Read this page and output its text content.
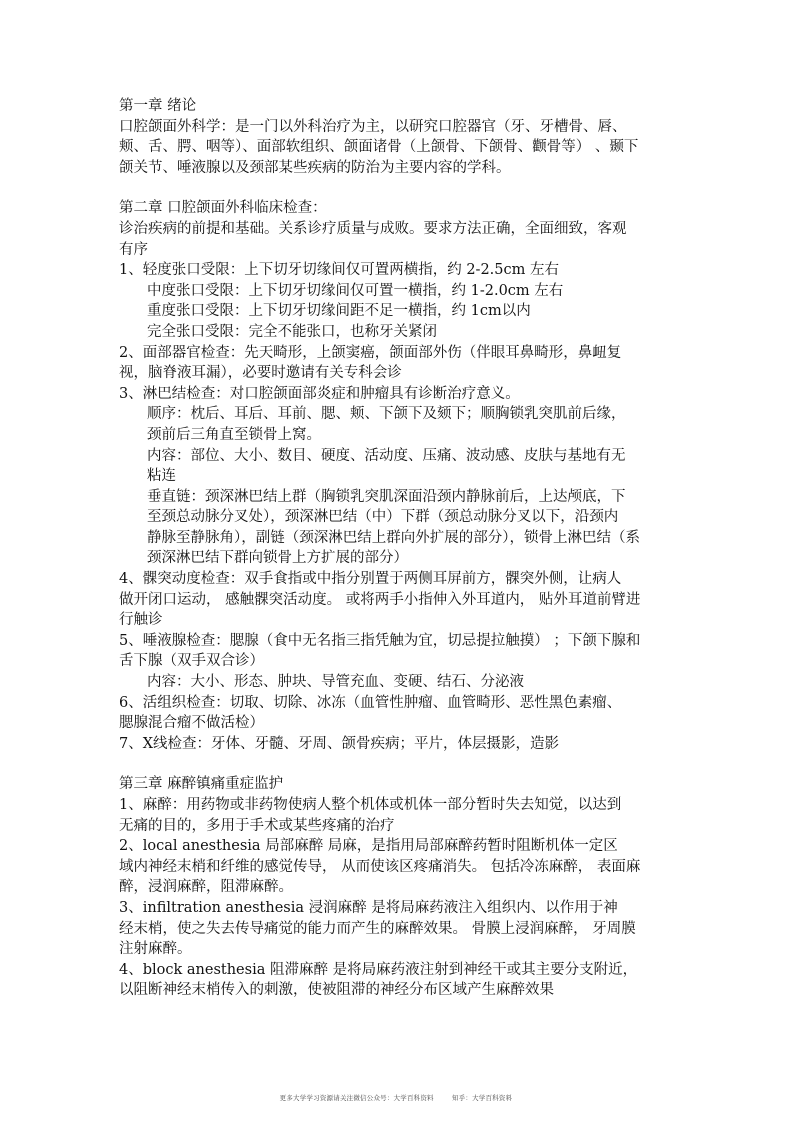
第一章 绪论
口腔颌面外科学：是一门以外科治疗为主，以研究口腔器官（牙、牙槽骨、唇、
颊、舌、腭、咽等）、面部软组织、颌面诸骨（上颌骨、下颌骨、颧骨等） 、颞下
颌关节、唾液腺以及颈部某些疾病的防治为主要内容的学科。
第二章 口腔颌面外科临床检查：
诊治疾病的前提和基础。关系诊疗质量与成败。要求方法正确，全面细致，客观
有序
1、轻度张口受限：上下切牙切缘间仅可置两横指，约 2-2.5cm 左右
中度张口受限：上下切牙切缘间仅可置一横指，约 1-2.0cm 左右
重度张口受限：上下切牙切缘间距不足一横指，约 1cm以内
完全张口受限：完全不能张口，也称牙关紧闭
2、面部器官检查：先天畸形，上颌窦癌，颌面部外伤（伴眼耳鼻畸形，鼻衄复
视，脑脊液耳漏），必要时邀请有关专科会诊
3、淋巴结检查：对口腔颌面部炎症和肿瘤具有诊断治疗意义。
顺序：枕后、耳后、耳前、腮、颊、下颌下及颏下；顺胸锁乳突肌前后缘，
颈前后三角直至锁骨上窝。
内容：部位、大小、数目、硬度、活动度、压痛、波动感、皮肤与基地有无
粘连
垂直链：颈深淋巴结上群（胸锁乳突肌深面沿颈内静脉前后，上达颅底，下
至颈总动脉分叉处），颈深淋巴结（中）下群（颈总动脉分叉以下，沿颈内
静脉至静脉角），副链（颈深淋巴结上群向外扩展的部分），锁骨上淋巴结（系
颈深淋巴结下群向锁骨上方扩展的部分）
4、髁突动度检查：双手食指或中指分别置于两侧耳屏前方，髁突外侧，让病人
做开闭口运动， 感触髁突活动度。 或将两手小指伸入外耳道内， 贴外耳道前臂进
行触诊
5、唾液腺检查：腮腺（食中无名指三指凭触为宜，切忌提拉触摸） ；下颌下腺和
舌下腺（双手双合诊）
内容：大小、形态、肿块、导管充血、变硬、结石、分泌液
6、活组织检查：切取、切除、冰冻（血管性肿瘤、血管畸形、恶性黑色素瘤、
腮腺混合瘤不做活检）
7、X线检查：牙体、牙髓、牙周、颌骨疾病；平片，体层摄影，造影
第三章 麻醉镇痛重症监护
1、麻醉：用药物或非药物使病人整个机体或机体一部分暂时失去知觉，以达到
无痛的目的，多用于手术或某些疼痛的治疗
2、local anesthesia 局部麻醉 局麻，是指用局部麻醉药暂时阻断机体一定区
域内神经末梢和纤维的感觉传导， 从而使该区疼痛消失。 包括冷冻麻醉， 表面麻
醉，浸润麻醉，阻滞麻醉。
3、infiltration anesthesia 浸润麻醉 是将局麻药液注入组织内、以作用于神
经末梢，使之失去传导痛觉的能力而产生的麻醉效果。 骨膜上浸润麻醉， 牙周膜
注射麻醉。
4、block anesthesia 阻滞麻醉 是将局麻药液注射到神经干或其主要分支附近，
以阻断神经末梢传入的刺激，使被阻滞的神经分布区域产生麻醉效果
更多大学学习资源请关注微信公众号：大学百科资料	知乎：大学百科资料
